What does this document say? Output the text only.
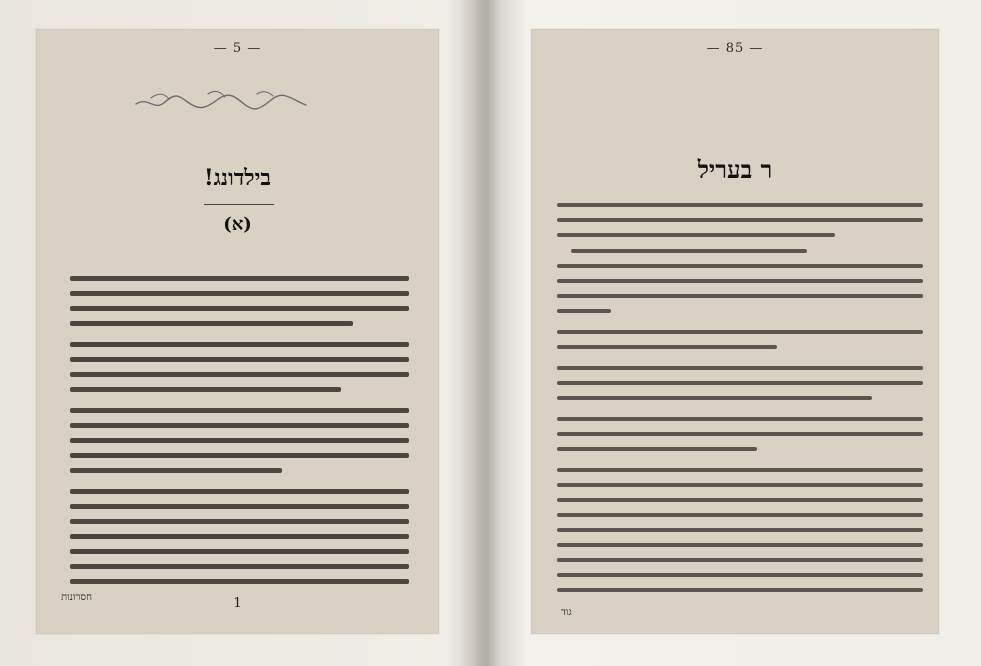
— 5 —
בילדונג!
(א)
חסרונות	1
— 85 —
ר בעריל
גוד
